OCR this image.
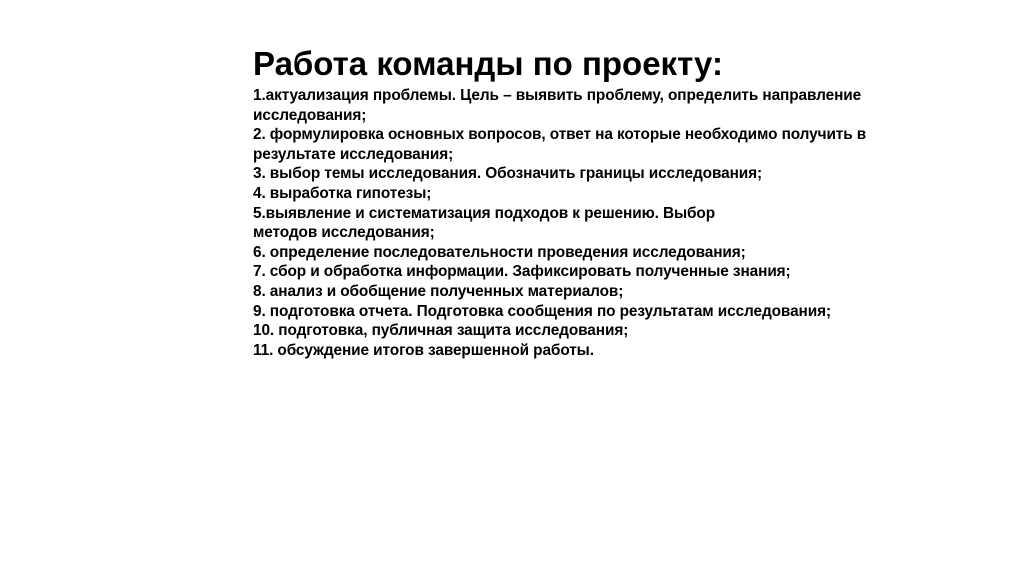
Работа команды по проекту:
1.актуализация проблемы. Цель – выявить проблему, определить направление
исследования;
2. формулировка основных вопросов, ответ на которые необходимо получить в
результате исследования;
3. выбор темы исследования. Обозначить границы исследования;
4. выработка гипотезы;
5.выявление и систематизация подходов к решению. Выбор
методов исследования;
6. определение последовательности проведения исследования;
7. сбор и обработка информации. Зафиксировать полученные знания;
8. анализ и обобщение полученных материалов;
9. подготовка отчета. Подготовка сообщения по результатам исследования;
10. подготовка, публичная защита исследования;
11. обсуждение итогов завершенной работы.
